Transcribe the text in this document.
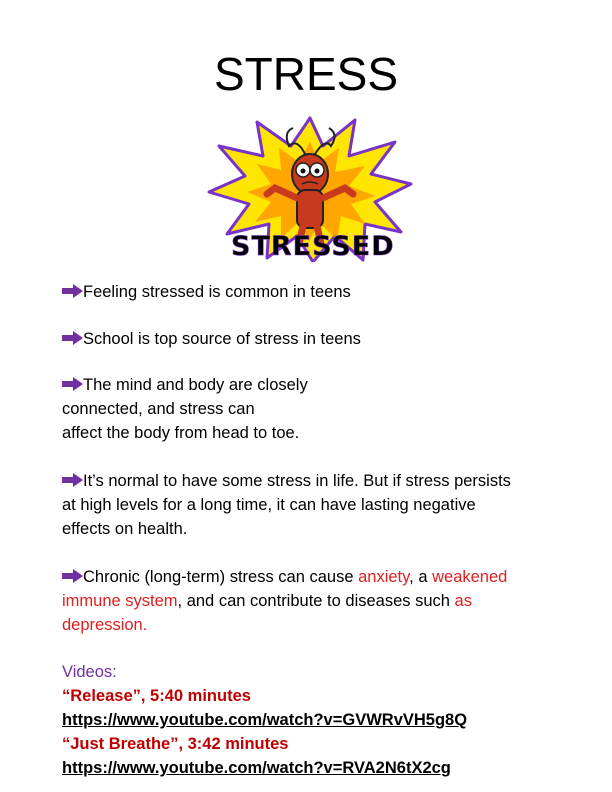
STRESS
STRESSED

Feeling stressed is common in teens

School is top source of stress in teens

The mind and body are closely
connected, and stress can
affect the body from head to toe.

It’s normal to have some stress in life. But if stress persists
at high levels for a long time, it can have lasting negative
effects on health.

Chronic (long-term) stress can cause anxiety, a weakened
immune system, and can contribute to diseases such as
depression.

Videos:
“Release”, 5:40 minutes
https://www.youtube.com/watch?v=GVWRvVH5g8Q
“Just Breathe”, 3:42 minutes
https://www.youtube.com/watch?v=RVA2N6tX2cg
